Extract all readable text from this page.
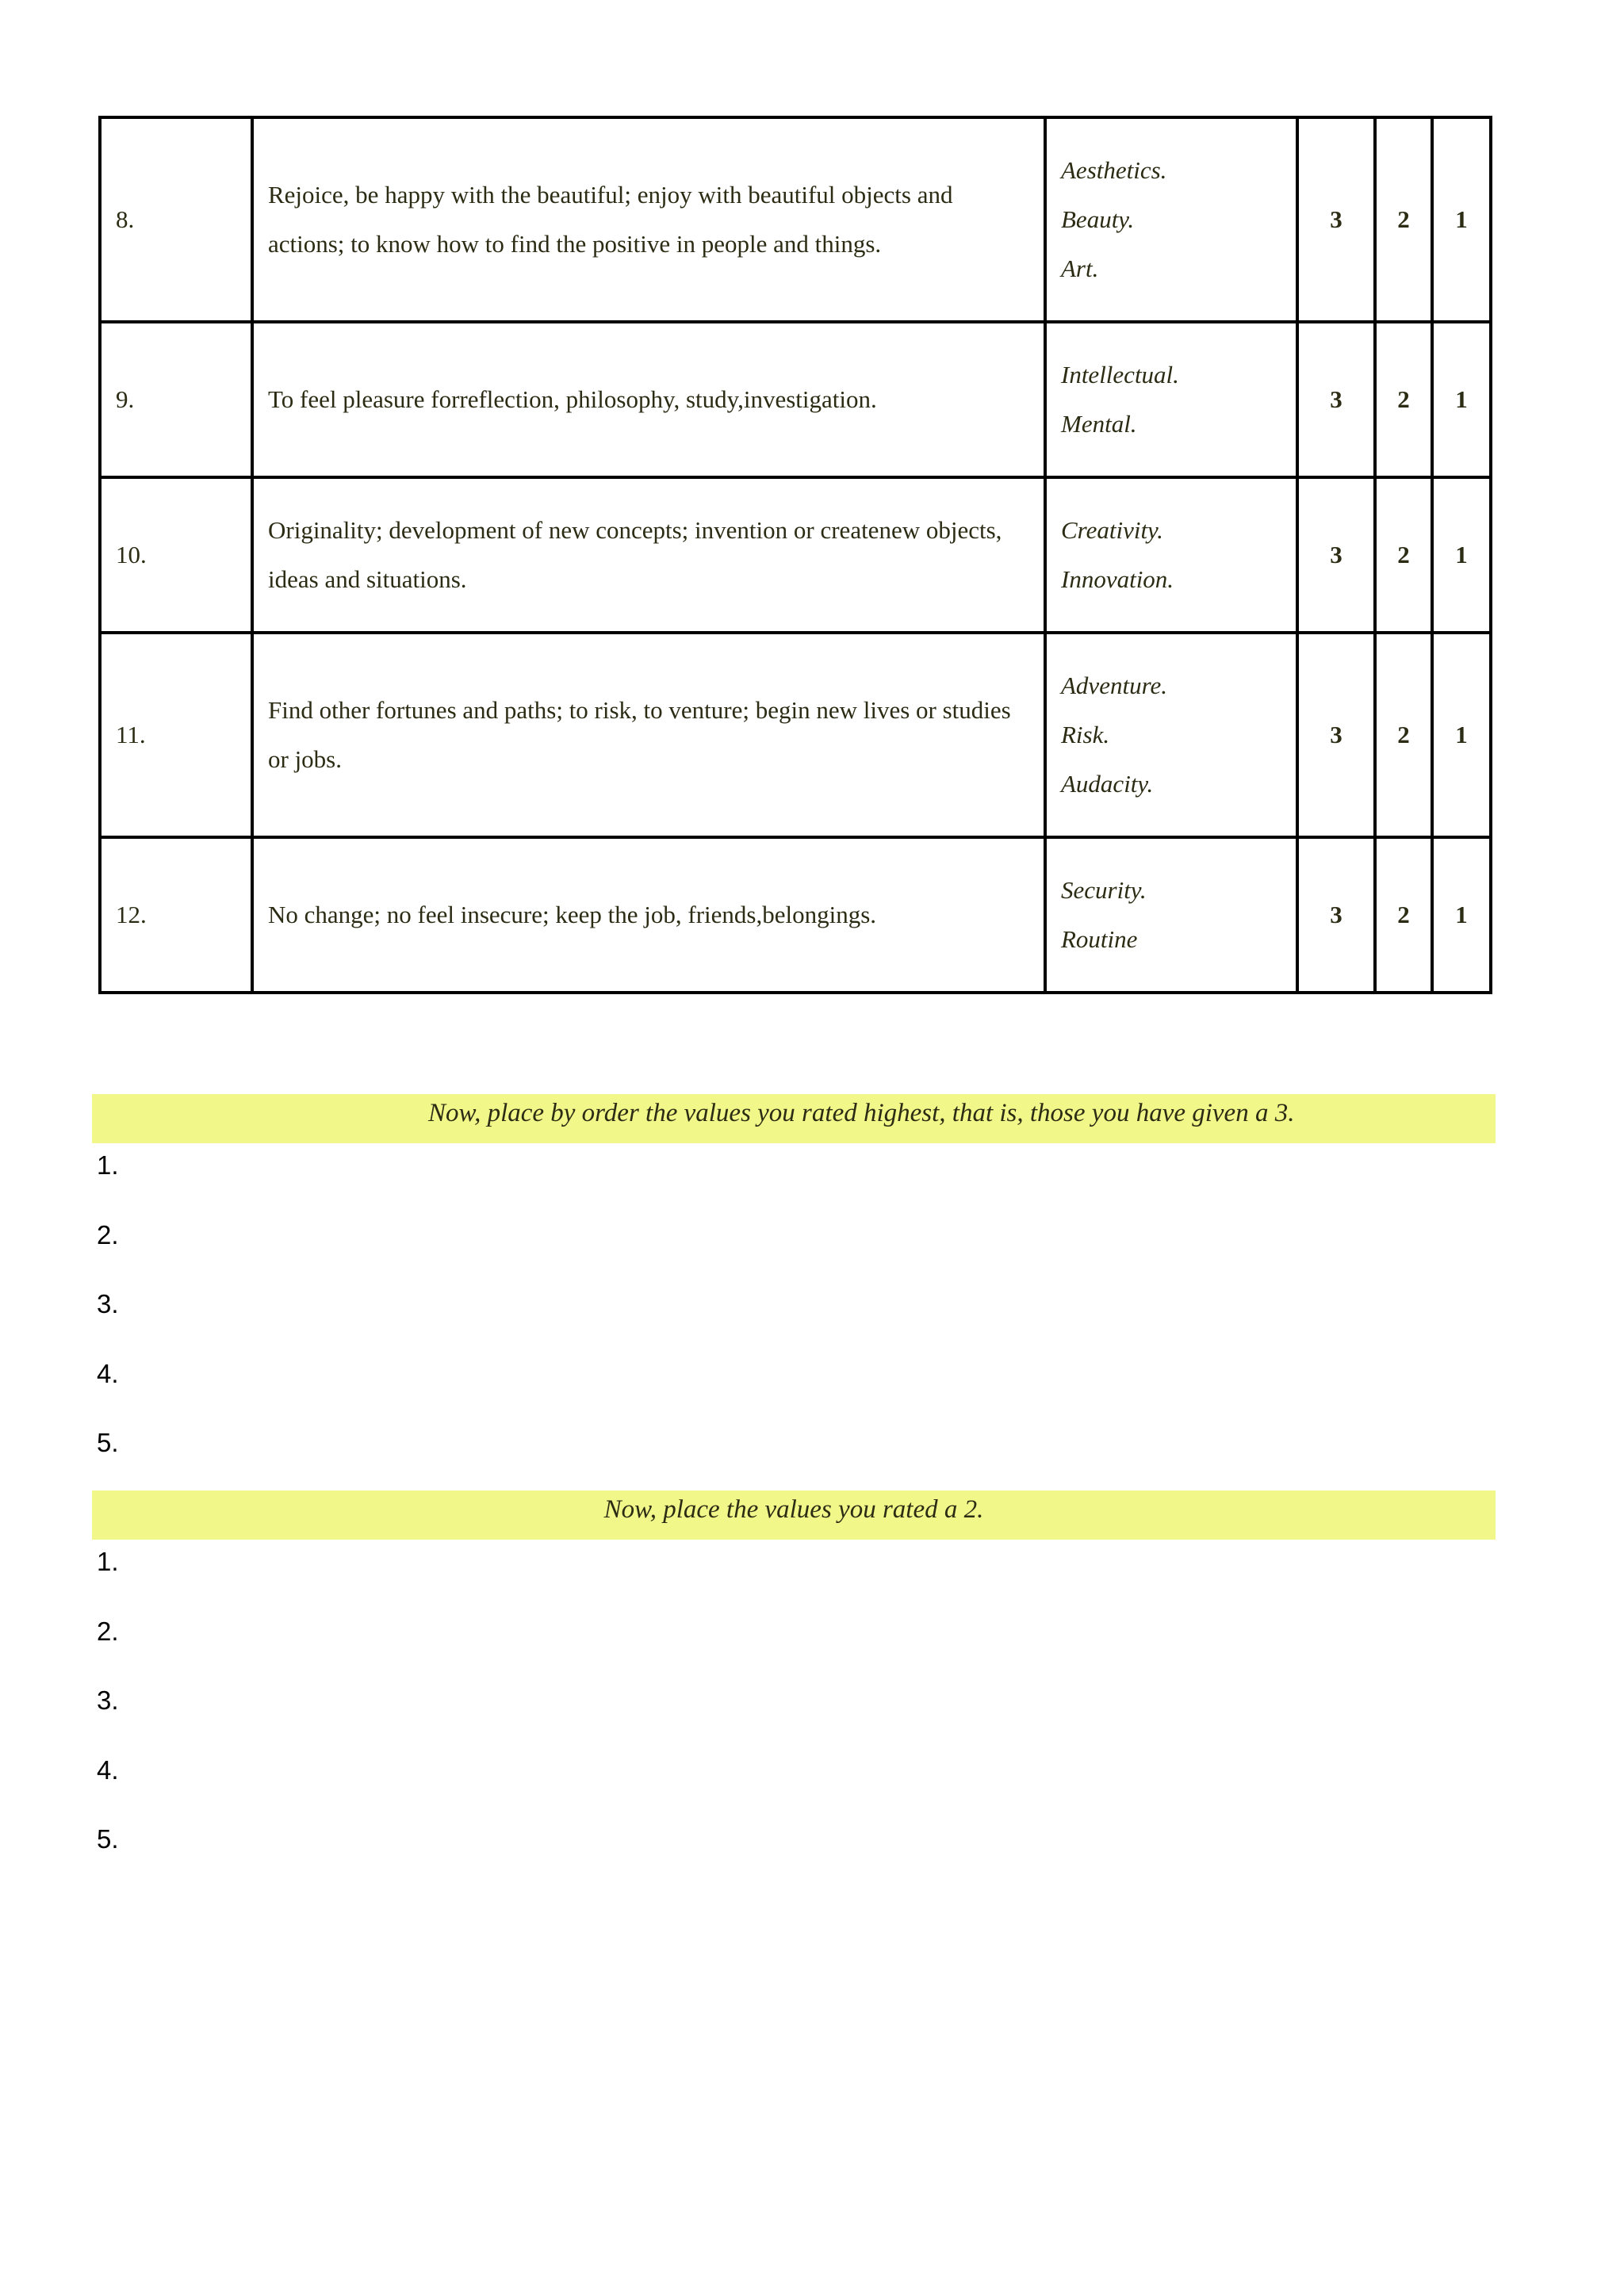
8.	Rejoice, be happy with the beautiful; enjoy with beautiful objects and actions; to know how to find the positive in people and things.	Aesthetics.
Beauty.
Art.	3	2	1
9.	To feel pleasure forreflection, philosophy, study,investigation.	Intellectual.
Mental.	3	2	1
10.	Originality; development of new concepts; invention or createnew objects, ideas and situations.	Creativity.
Innovation.	3	2	1
11.	Find other fortunes and paths; to risk, to venture; begin new lives or studies or jobs.	Adventure.
Risk.
Audacity.	3	2	1
12.	No change; no feel insecure; keep the job, friends,belongings.	Security.
Routine	3	2	1
Now, place by order the values you rated highest, that is, those you have given a 3.
1.
2.
3.
4.
5.
Now, place the values you rated a 2.
1.
2.
3.
4.
5.
